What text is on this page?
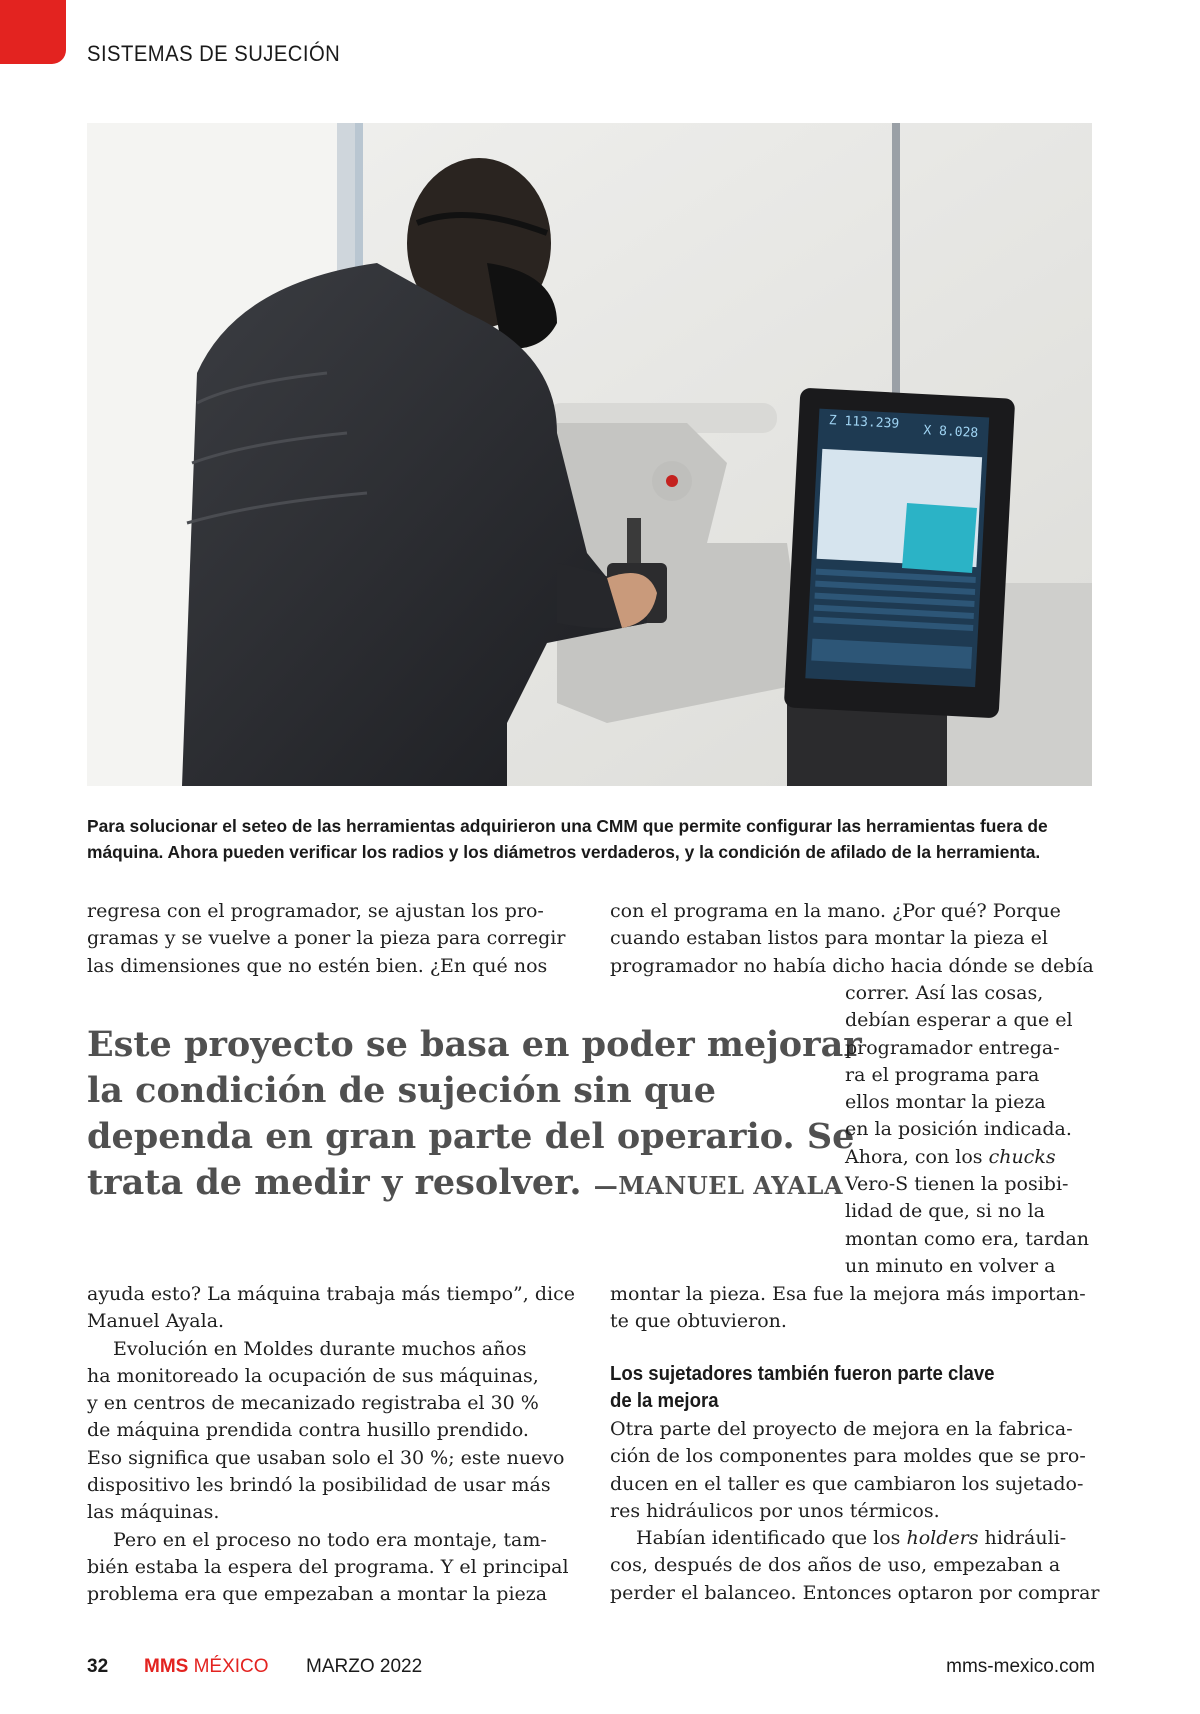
SISTEMAS DE SUJECIÓN
Z 113.239
X 8.028

Para solucionar el seteo de las herramientas adquirieron una CMM que permite configurar las herramientas fuera de

máquina. Ahora pueden verificar los radios y los diámetros verdaderos, y la condición de afilado de la herramienta.

regresa con el programador, se ajustan los pro-

gramas y se vuelve a poner la pieza para corregir

las dimensiones que no estén bien. ¿En qué nos

Este proyecto se basa en poder mejorar

la condición de sujeción sin que

dependa en gran parte del operario. Se

trata de medir y resolver. —MANUEL AYALA

ayuda esto? La máquina trabaja más tiempo”, dice

Manuel Ayala.

Evolución en Moldes durante muchos años

ha monitoreado la ocupación de sus máquinas,

y en centros de mecanizado registraba el 30 %

de máquina prendida contra husillo prendido.

Eso significa que usaban solo el 30 %; este nuevo

dispositivo les brindó la posibilidad de usar más

las máquinas.

Pero en el proceso no todo era montaje, tam-

bién estaba la espera del programa. Y el principal

problema era que empezaban a montar la pieza

con el programa en la mano. ¿Por qué? Porque

cuando estaban listos para montar la pieza el

programador no había dicho hacia dónde se debía

correr. Así las cosas,

debían esperar a que el

programador entrega-

ra el programa para

ellos montar la pieza

en la posición indicada.

Ahora, con los chucks

Vero-S tienen la posibi-

lidad de que, si no la

montan como era, tardan

un minuto en volver a

montar la pieza. Esa fue la mejora más importan-

te que obtuvieron.

Los sujetadores también fueron parte clave

de la mejora

Otra parte del proyecto de mejora en la fabrica-

ción de los componentes para moldes que se pro-

ducen en el taller es que cambiaron los sujetado-

res hidráulicos por unos térmicos.

Habían identificado que los holders hidráuli-

cos, después de dos años de uso, empezaban a

perder el balanceo. Entonces optaron por comprar

32 MMS MÉXICO MARZO 2022	mms-mexico.com
